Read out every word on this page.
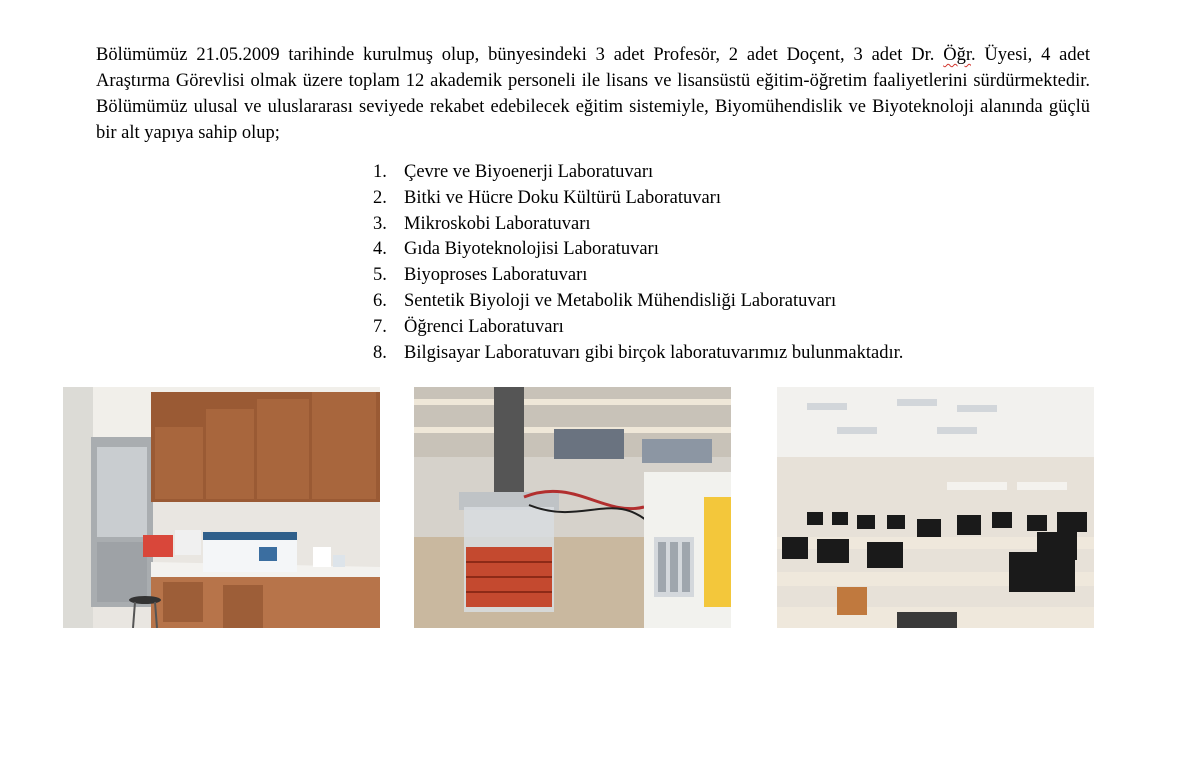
Bölümümüz 21.05.2009 tarihinde kurulmuş olup, bünyesindeki 3 adet Profesör, 2 adet Doçent, 3 adet Dr. Öğr. Üyesi, 4 adet Araştırma Görevlisi olmak üzere toplam 12 akademik personeli ile lisans ve lisansüstü eğitim-öğretim faaliyetlerini sürdürmektedir. Bölümümüz ulusal ve uluslararası seviyede rekabet edebilecek eğitim sistemiyle, Biyomühendislik ve Biyoteknoloji alanında güçlü bir alt yapıya sahip olup;

1. Çevre ve Biyoenerji Laboratuvarı
2. Bitki ve Hücre Doku Kültürü Laboratuvarı
3. Mikroskobi Laboratuvarı
4. Gıda Biyoteknolojisi Laboratuvarı
5. Biyoproses Laboratuvarı
6. Sentetik Biyoloji ve Metabolik Mühendisliği Laboratuvarı
7. Öğrenci Laboratuvarı
8. Bilgisayar Laboratuvarı gibi birçok laboratuvarımız bulunmaktadır.
